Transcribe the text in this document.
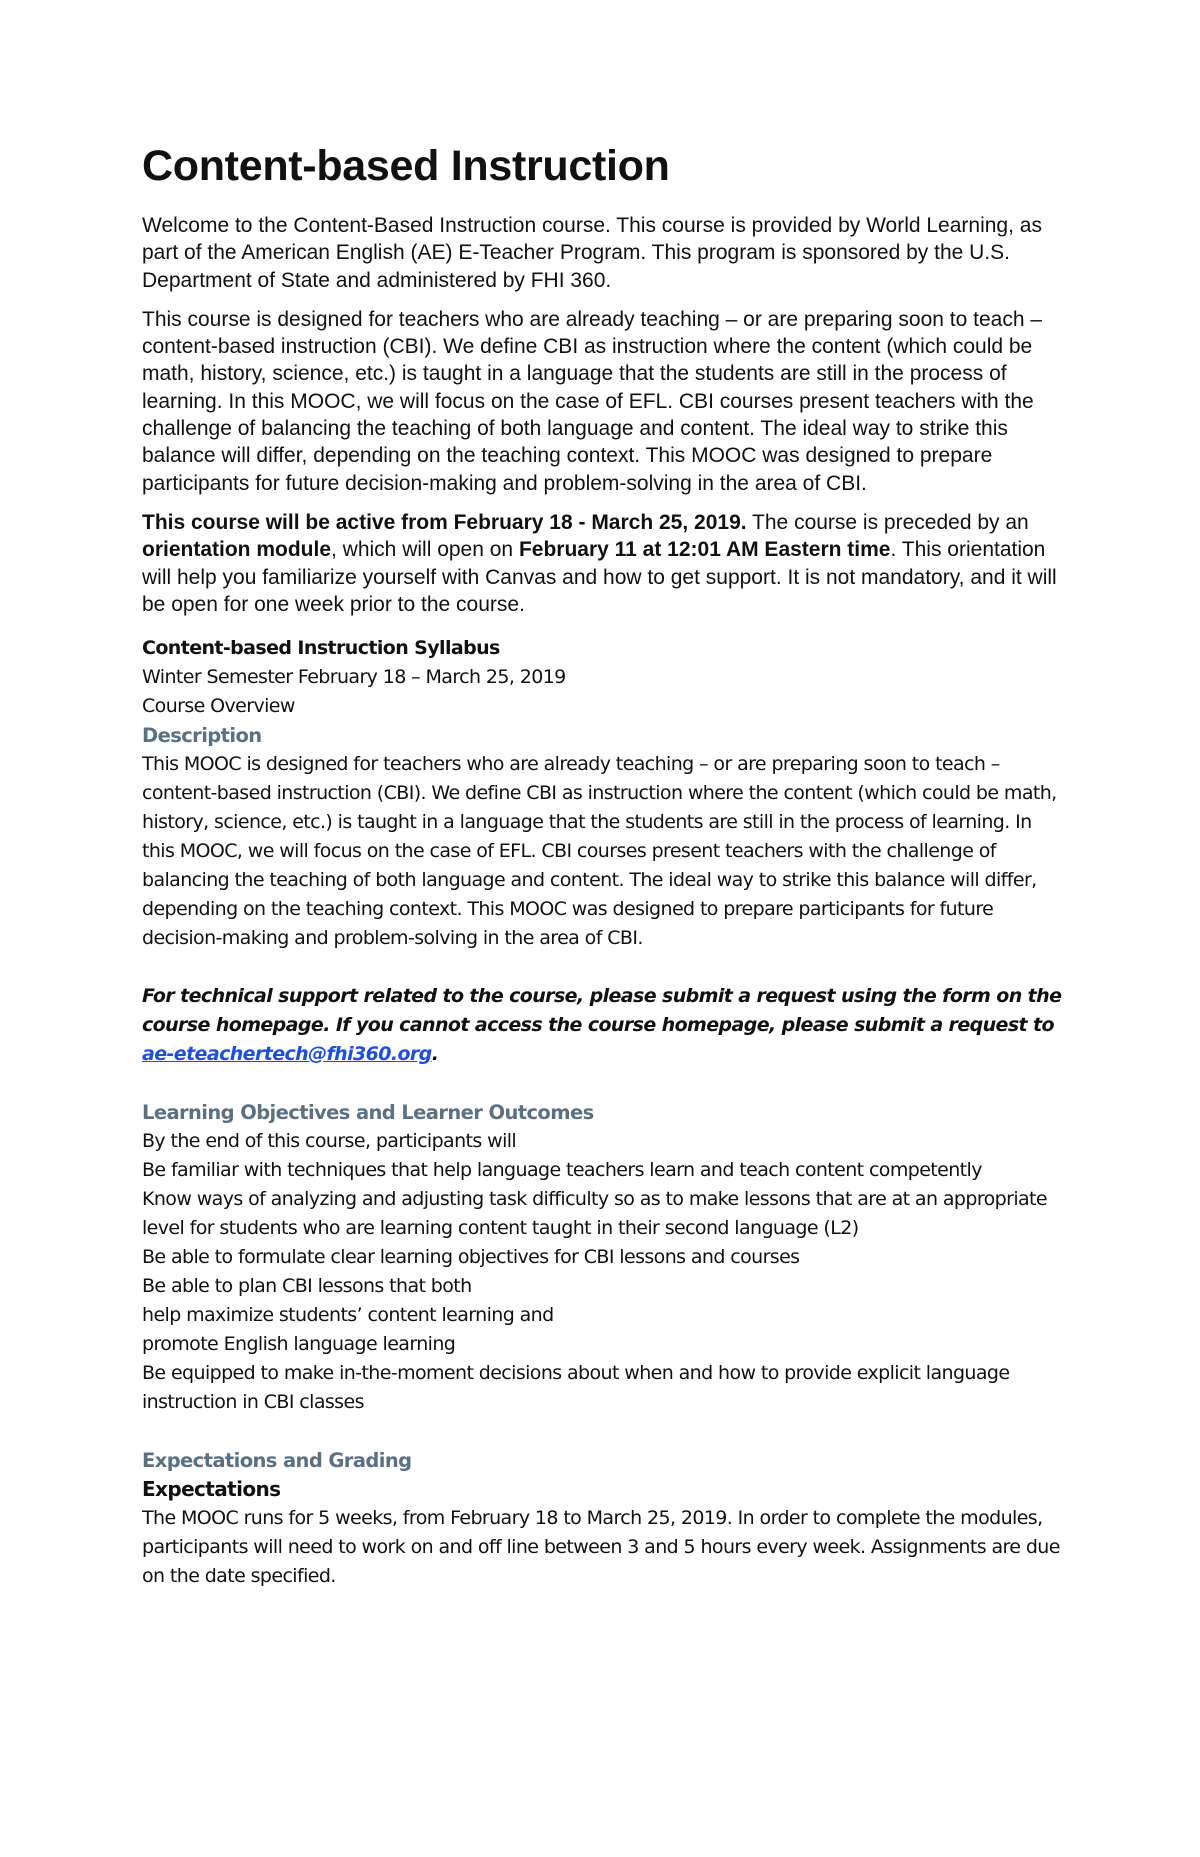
Content-based Instruction

Welcome to the Content-Based Instruction course. This course is provided by World Learning, as part of the American English (AE) E-Teacher Program. This program is sponsored by the U.S. Department of State and administered by FHI 360.

This course is designed for teachers who are already teaching – or are preparing soon to teach – content-based instruction (CBI). We define CBI as instruction where the content (which could be math, history, science, etc.) is taught in a language that the students are still in the process of learning. In this MOOC, we will focus on the case of EFL. CBI courses present teachers with the challenge of balancing the teaching of both language and content. The ideal way to strike this balance will differ, depending on the teaching context. This MOOC was designed to prepare participants for future decision-making and problem-solving in the area of CBI.

This course will be active from February 18 - March 25, 2019. The course is preceded by an orientation module, which will open on February 11 at 12:01 AM Eastern time. This orientation will help you familiarize yourself with Canvas and how to get support. It is not mandatory, and it will be open for one week prior to the course.

Content-based Instruction Syllabus

Winter Semester February 18 – March 25, 2019

Course Overview

Description

This MOOC is designed for teachers who are already teaching – or are preparing soon to teach – content-based instruction (CBI). We define CBI as instruction where the content (which could be math, history, science, etc.) is taught in a language that the students are still in the process of learning. In this MOOC, we will focus on the case of EFL. CBI courses present teachers with the challenge of balancing the teaching of both language and content. The ideal way to strike this balance will differ, depending on the teaching context. This MOOC was designed to prepare participants for future decision-making and problem-solving in the area of CBI.

For technical support related to the course, please submit a request using the form on the course homepage. If you cannot access the course homepage, please submit a request to ae-eteachertech@fhi360.org.

Learning Objectives and Learner Outcomes

By the end of this course, participants will

Be familiar with techniques that help language teachers learn and teach content competently

Know ways of analyzing and adjusting task difficulty so as to make lessons that are at an appropriate level for students who are learning content taught in their second language (L2)

Be able to formulate clear learning objectives for CBI lessons and courses

Be able to plan CBI lessons that both

help maximize students’ content learning and

promote English language learning

Be equipped to make in-the-moment decisions about when and how to provide explicit language instruction in CBI classes

Expectations and Grading

Expectations

The MOOC runs for 5 weeks, from February 18 to March 25, 2019. In order to complete the modules, participants will need to work on and off line between 3 and 5 hours every week. Assignments are due on the date specified.
